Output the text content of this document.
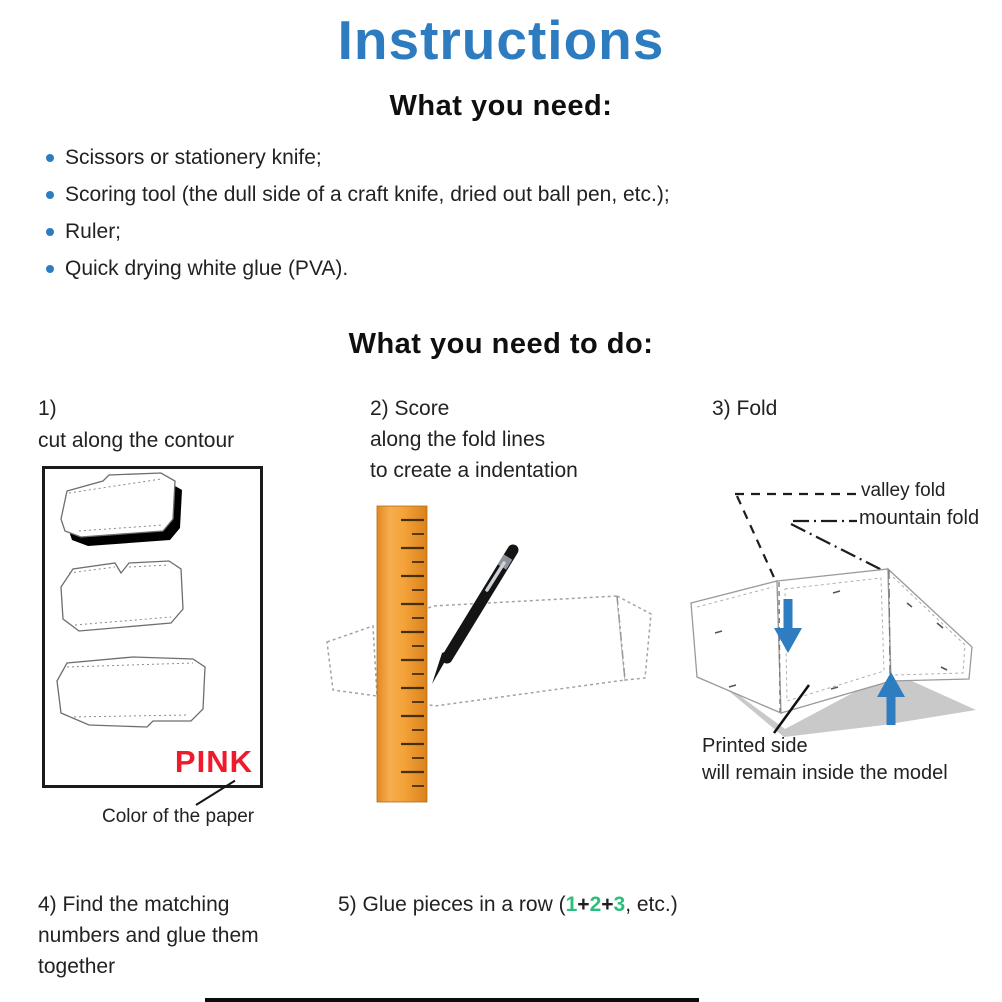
Instructions
What you need:
Scissors or stationery knife;
Scoring tool (the dull side of a craft knife, dried out ball pen, etc.);
Ruler;
Quick drying white glue (PVA).
What you need to do:
1)
cut along the contour
PINK
Color of the paper
2) Score
along the fold lines
to create a indentation
3) Fold
valley fold
mountain fold
Printed side
will remain inside the model
4) Find the matching
numbers and glue them
together
5) Glue pieces in a row (1+2+3, etc.)
